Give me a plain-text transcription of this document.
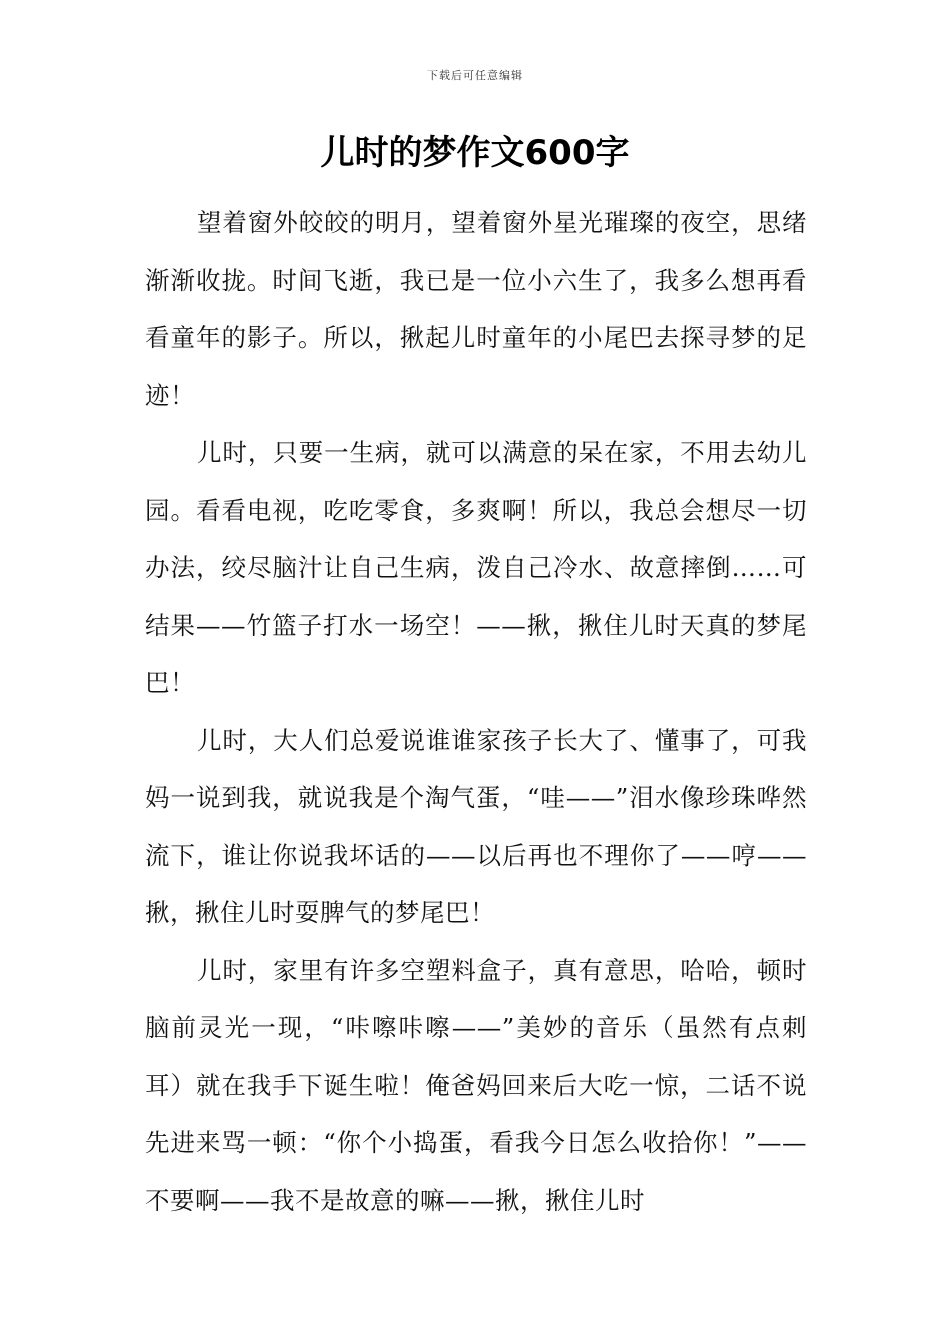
下载后可任意编辑
儿时的梦作文600字

望着窗外皎皎的明月，望着窗外星光璀璨的夜空，思绪渐渐收拢。时间飞逝，我已是一位小六生了，我多么想再看看童年的影子。所以，揪起儿时童年的小尾巴去探寻梦的足迹！

儿时，只要一生病，就可以满意的呆在家，不用去幼儿园。看看电视，吃吃零食，多爽啊！所以，我总会想尽一切办法，绞尽脑汁让自己生病，泼自己冷水、故意摔倒……可结果——竹篮子打水一场空！——揪，揪住儿时天真的梦尾巴！

儿时，大人们总爱说谁谁家孩子长大了、懂事了，可我妈一说到我，就说我是个淘气蛋，“哇——”泪水像珍珠哗然流下，谁让你说我坏话的——以后再也不理你了——哼——揪，揪住儿时耍脾气的梦尾巴！

儿时，家里有许多空塑料盒子，真有意思，哈哈，顿时脑前灵光一现，“咔嚓咔嚓——”美妙的音乐（虽然有点刺耳）就在我手下诞生啦！俺爸妈回来后大吃一惊，二话不说先进来骂一顿：“你个小捣蛋，看我今日怎么收拾你！”——不要啊——我不是故意的嘛——揪，揪住儿时
